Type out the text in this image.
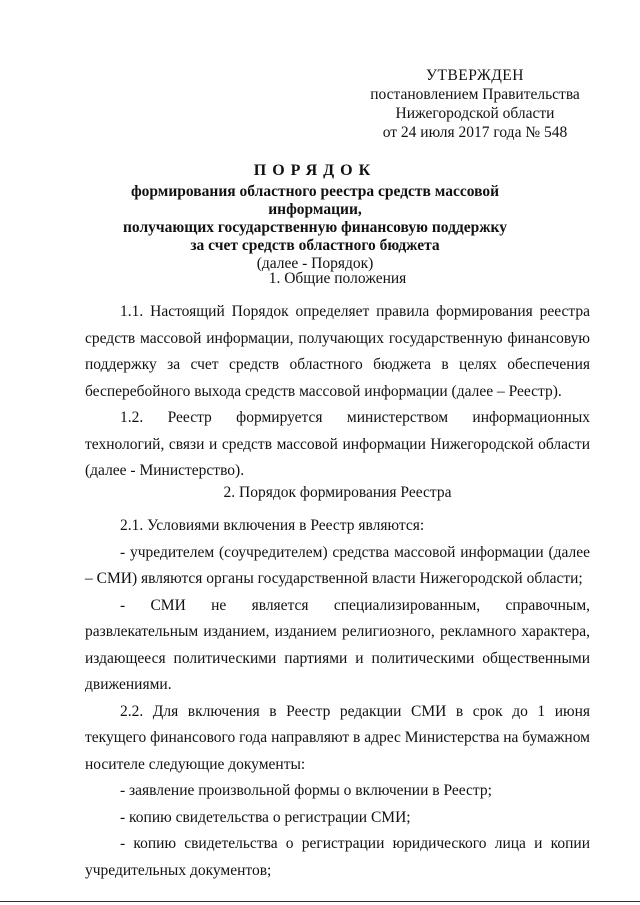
УТВЕРЖДЕН
постановлением Правительства
Нижегородской области
от 24 июля 2017 года № 548
ПОРЯДОК
формирования областного реестра средств массовой информации,
получающих государственную финансовую поддержку
за счет средств областного бюджета
(далее - Порядок)
1. Общие положения

1.1. Настоящий Порядок определяет правила формирования реестра средств массовой информации, получающих государственную финансовую поддержку за счет средств областного бюджета в целях обеспечения бесперебойного выхода средств массовой информации (далее – Реестр).

1.2. Реестр формируется министерством информационных технологий, связи и средств массовой информации Нижегородской области (далее - Министерство).

2. Порядок формирования Реестра

2.1. Условиями включения в Реестр являются:

- учредителем (соучредителем) средства массовой информации (далее – СМИ) являются органы государственной власти Нижегородской области;

- СМИ не является специализированным, справочным, развлекательным изданием, изданием религиозного, рекламного характера, издающееся политическими партиями и политическими общественными движениями.

2.2. Для включения в Реестр редакции СМИ в срок до 1 июня текущего финансового года направляют в адрес Министерства на бумажном носителе следующие документы:

- заявление произвольной формы о включении в Реестр;

- копию свидетельства о регистрации СМИ;

- копию свидетельства о регистрации юридического лица и копии учредительных документов;
